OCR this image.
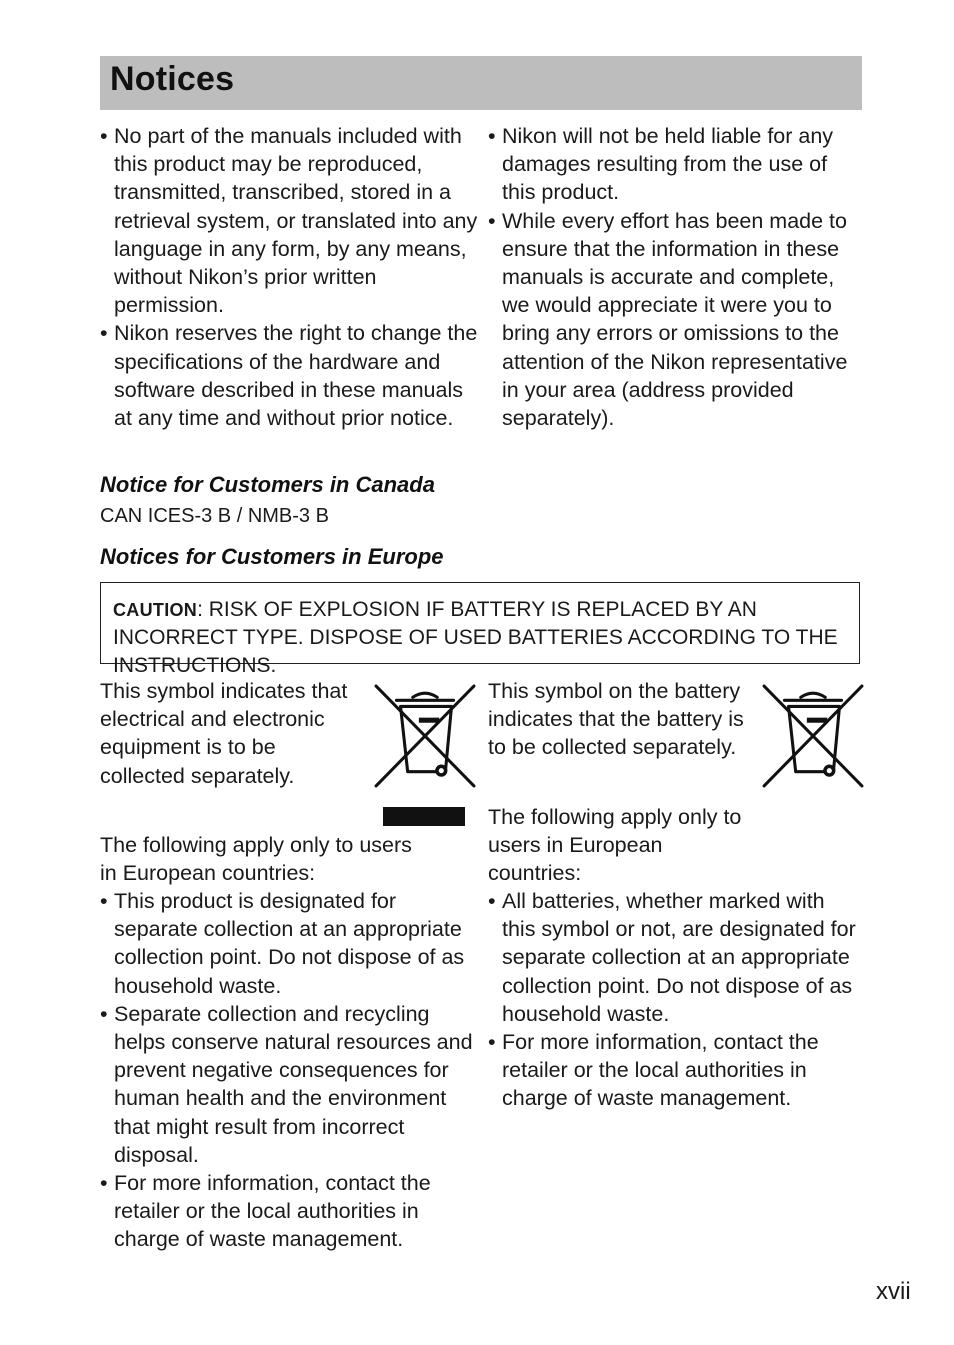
Notices
• No part of the manuals included with this product may be reproduced, transmitted, transcribed, stored in a retrieval system, or translated into any language in any form, by any means, without Nikon’s prior written permission.
• Nikon reserves the right to change the specifications of the hardware and software described in these manuals at any time and without prior notice.
• Nikon will not be held liable for any damages resulting from the use of this product.
• While every effort has been made to ensure that the information in these manuals is accurate and complete, we would appreciate it were you to bring any errors or omissions to the attention of the Nikon representative in your area (address provided separately).
Notice for Customers in Canada
CAN ICES-3 B / NMB-3 B
Notices for Customers in Europe
CAUTION: RISK OF EXPLOSION IF BATTERY IS REPLACED BY AN INCORRECT TYPE. DISPOSE OF USED BATTERIES ACCORDING TO THE INSTRUCTIONS.
This symbol indicates that electrical and electronic equipment is to be collected separately.
The following apply only to users in European countries:
• This product is designated for separate collection at an appropriate collection point. Do not dispose of as household waste.
• Separate collection and recycling helps conserve natural resources and prevent negative consequences for human health and the environment that might result from incorrect disposal.
• For more information, contact the retailer or the local authorities in charge of waste management.
This symbol on the battery indicates that the battery is to be collected separately.
The following apply only to users in European countries:
• All batteries, whether marked with this symbol or not, are designated for separate collection at an appropriate collection point. Do not dispose of as household waste.
• For more information, contact the retailer or the local authorities in charge of waste management.
xvii
